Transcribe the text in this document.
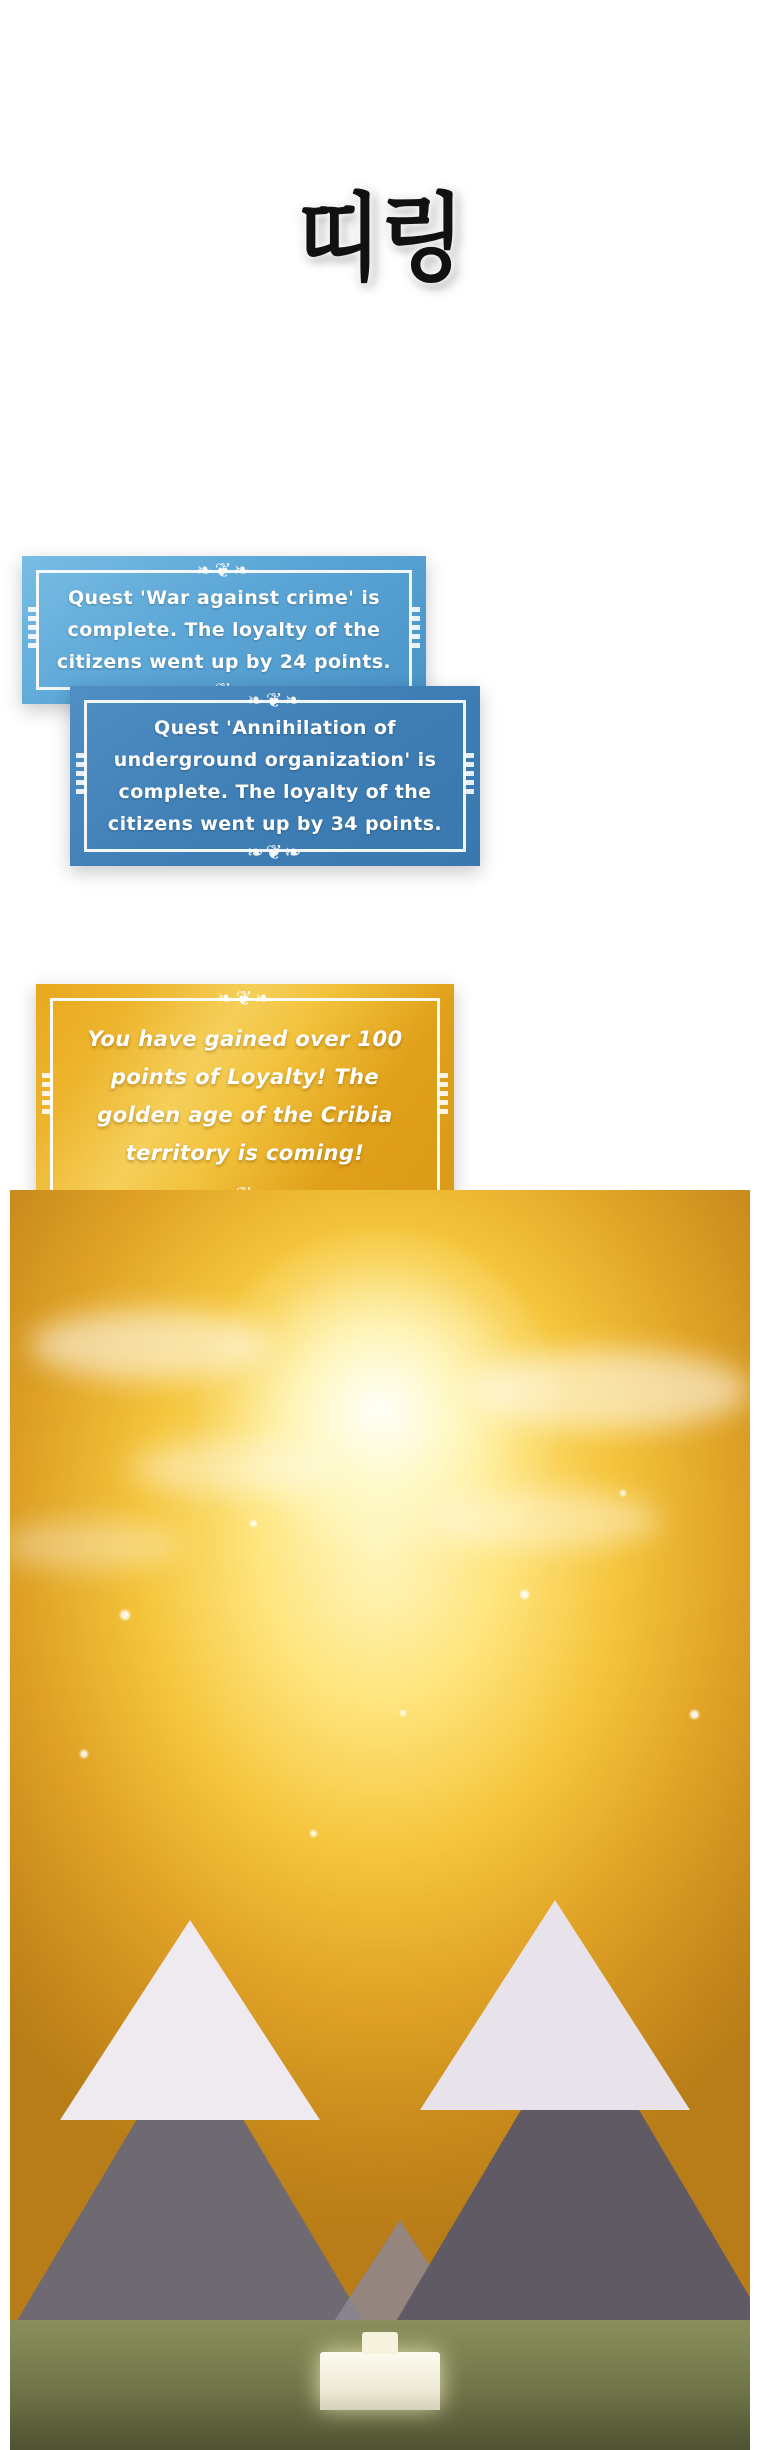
띠링
❧❦❧
Quest 'War against crime' is complete. The loyalty of the citizens went up by 24 points.
❧❦❧
❧❦❧
Quest 'Annihilation of underground organization' is complete. The loyalty of the citizens went up by 34 points.
❧❦❧
You have gained over 100 points of Loyalty! The golden age of the Cribia territory is coming!
